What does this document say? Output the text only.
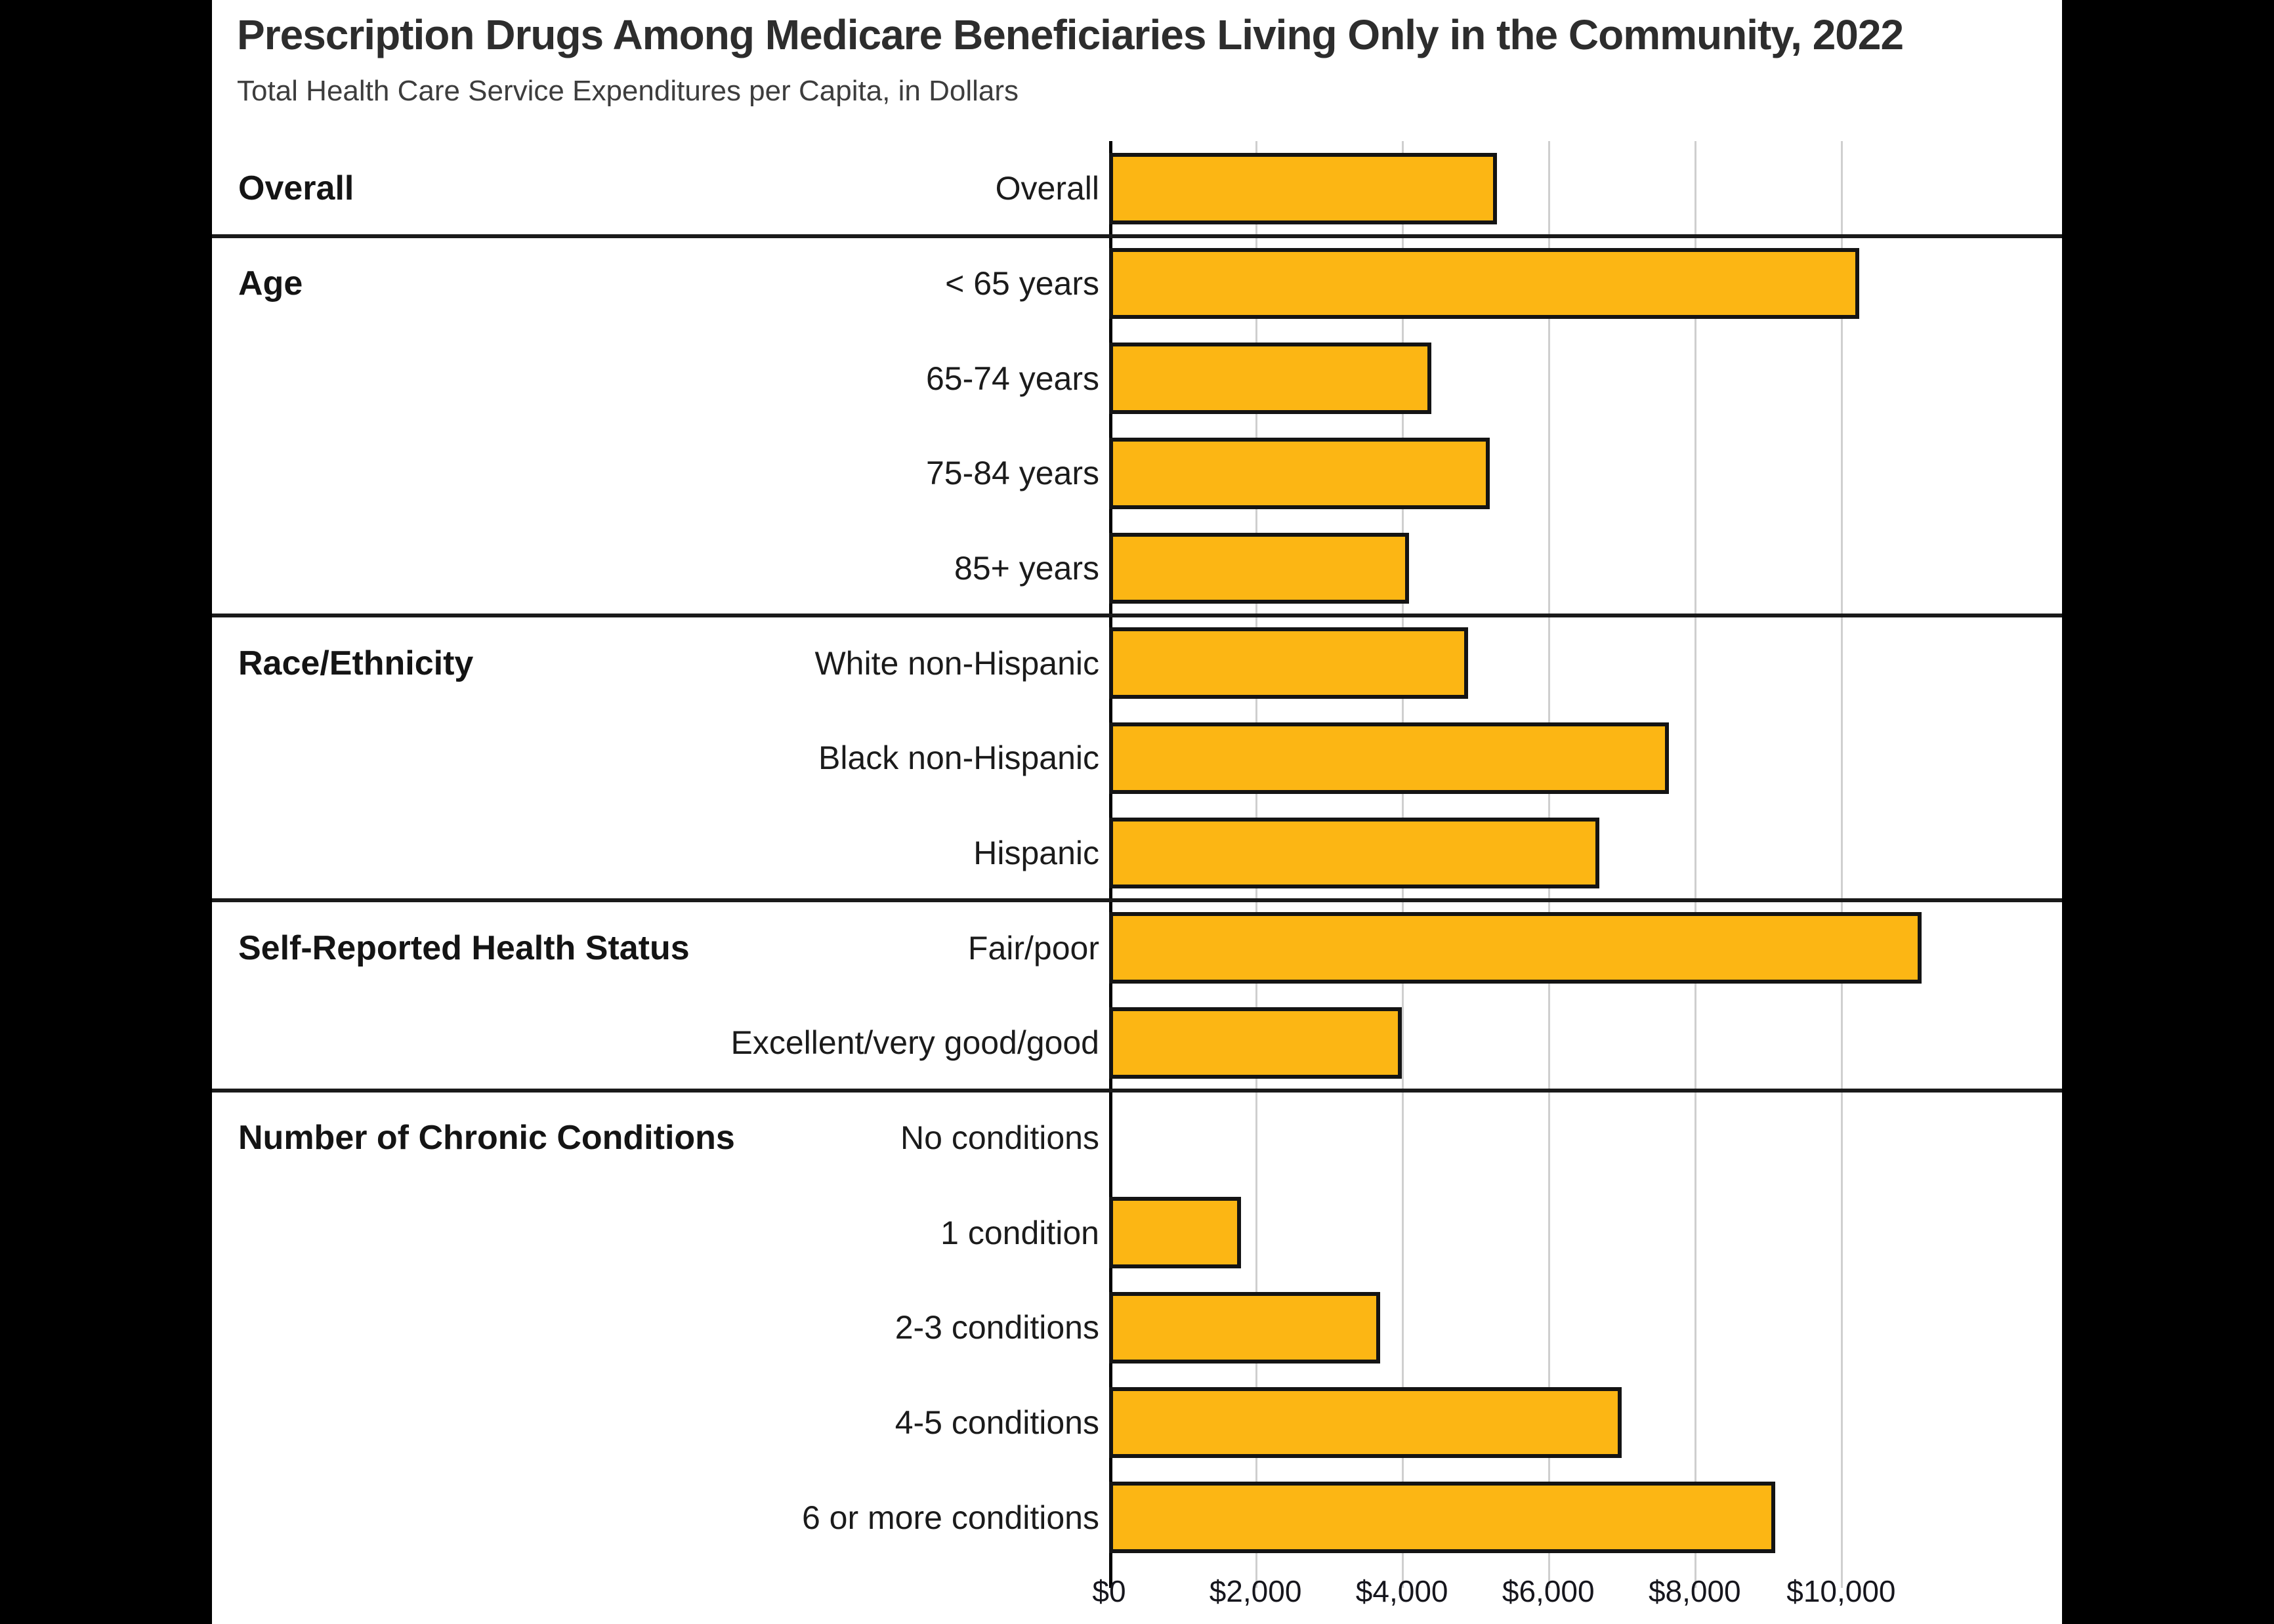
Prescription Drugs Among Medicare Beneficiaries Living Only in the Community, 2022
Total Health Care Service Expenditures per Capita, in Dollars
Overall	Overall
Age	< 65 years
65-74 years
75-84 years
85+ years
Race/Ethnicity	White non-Hispanic
Black non-Hispanic
Hispanic
Self-Reported Health Status	Fair/poor
Excellent/very good/good
Number of Chronic Conditions	No conditions
1 condition
2-3 conditions
4-5 conditions
6 or more conditions
$0	$2,000 $4,000 $6,000 $8,000 $10,000
